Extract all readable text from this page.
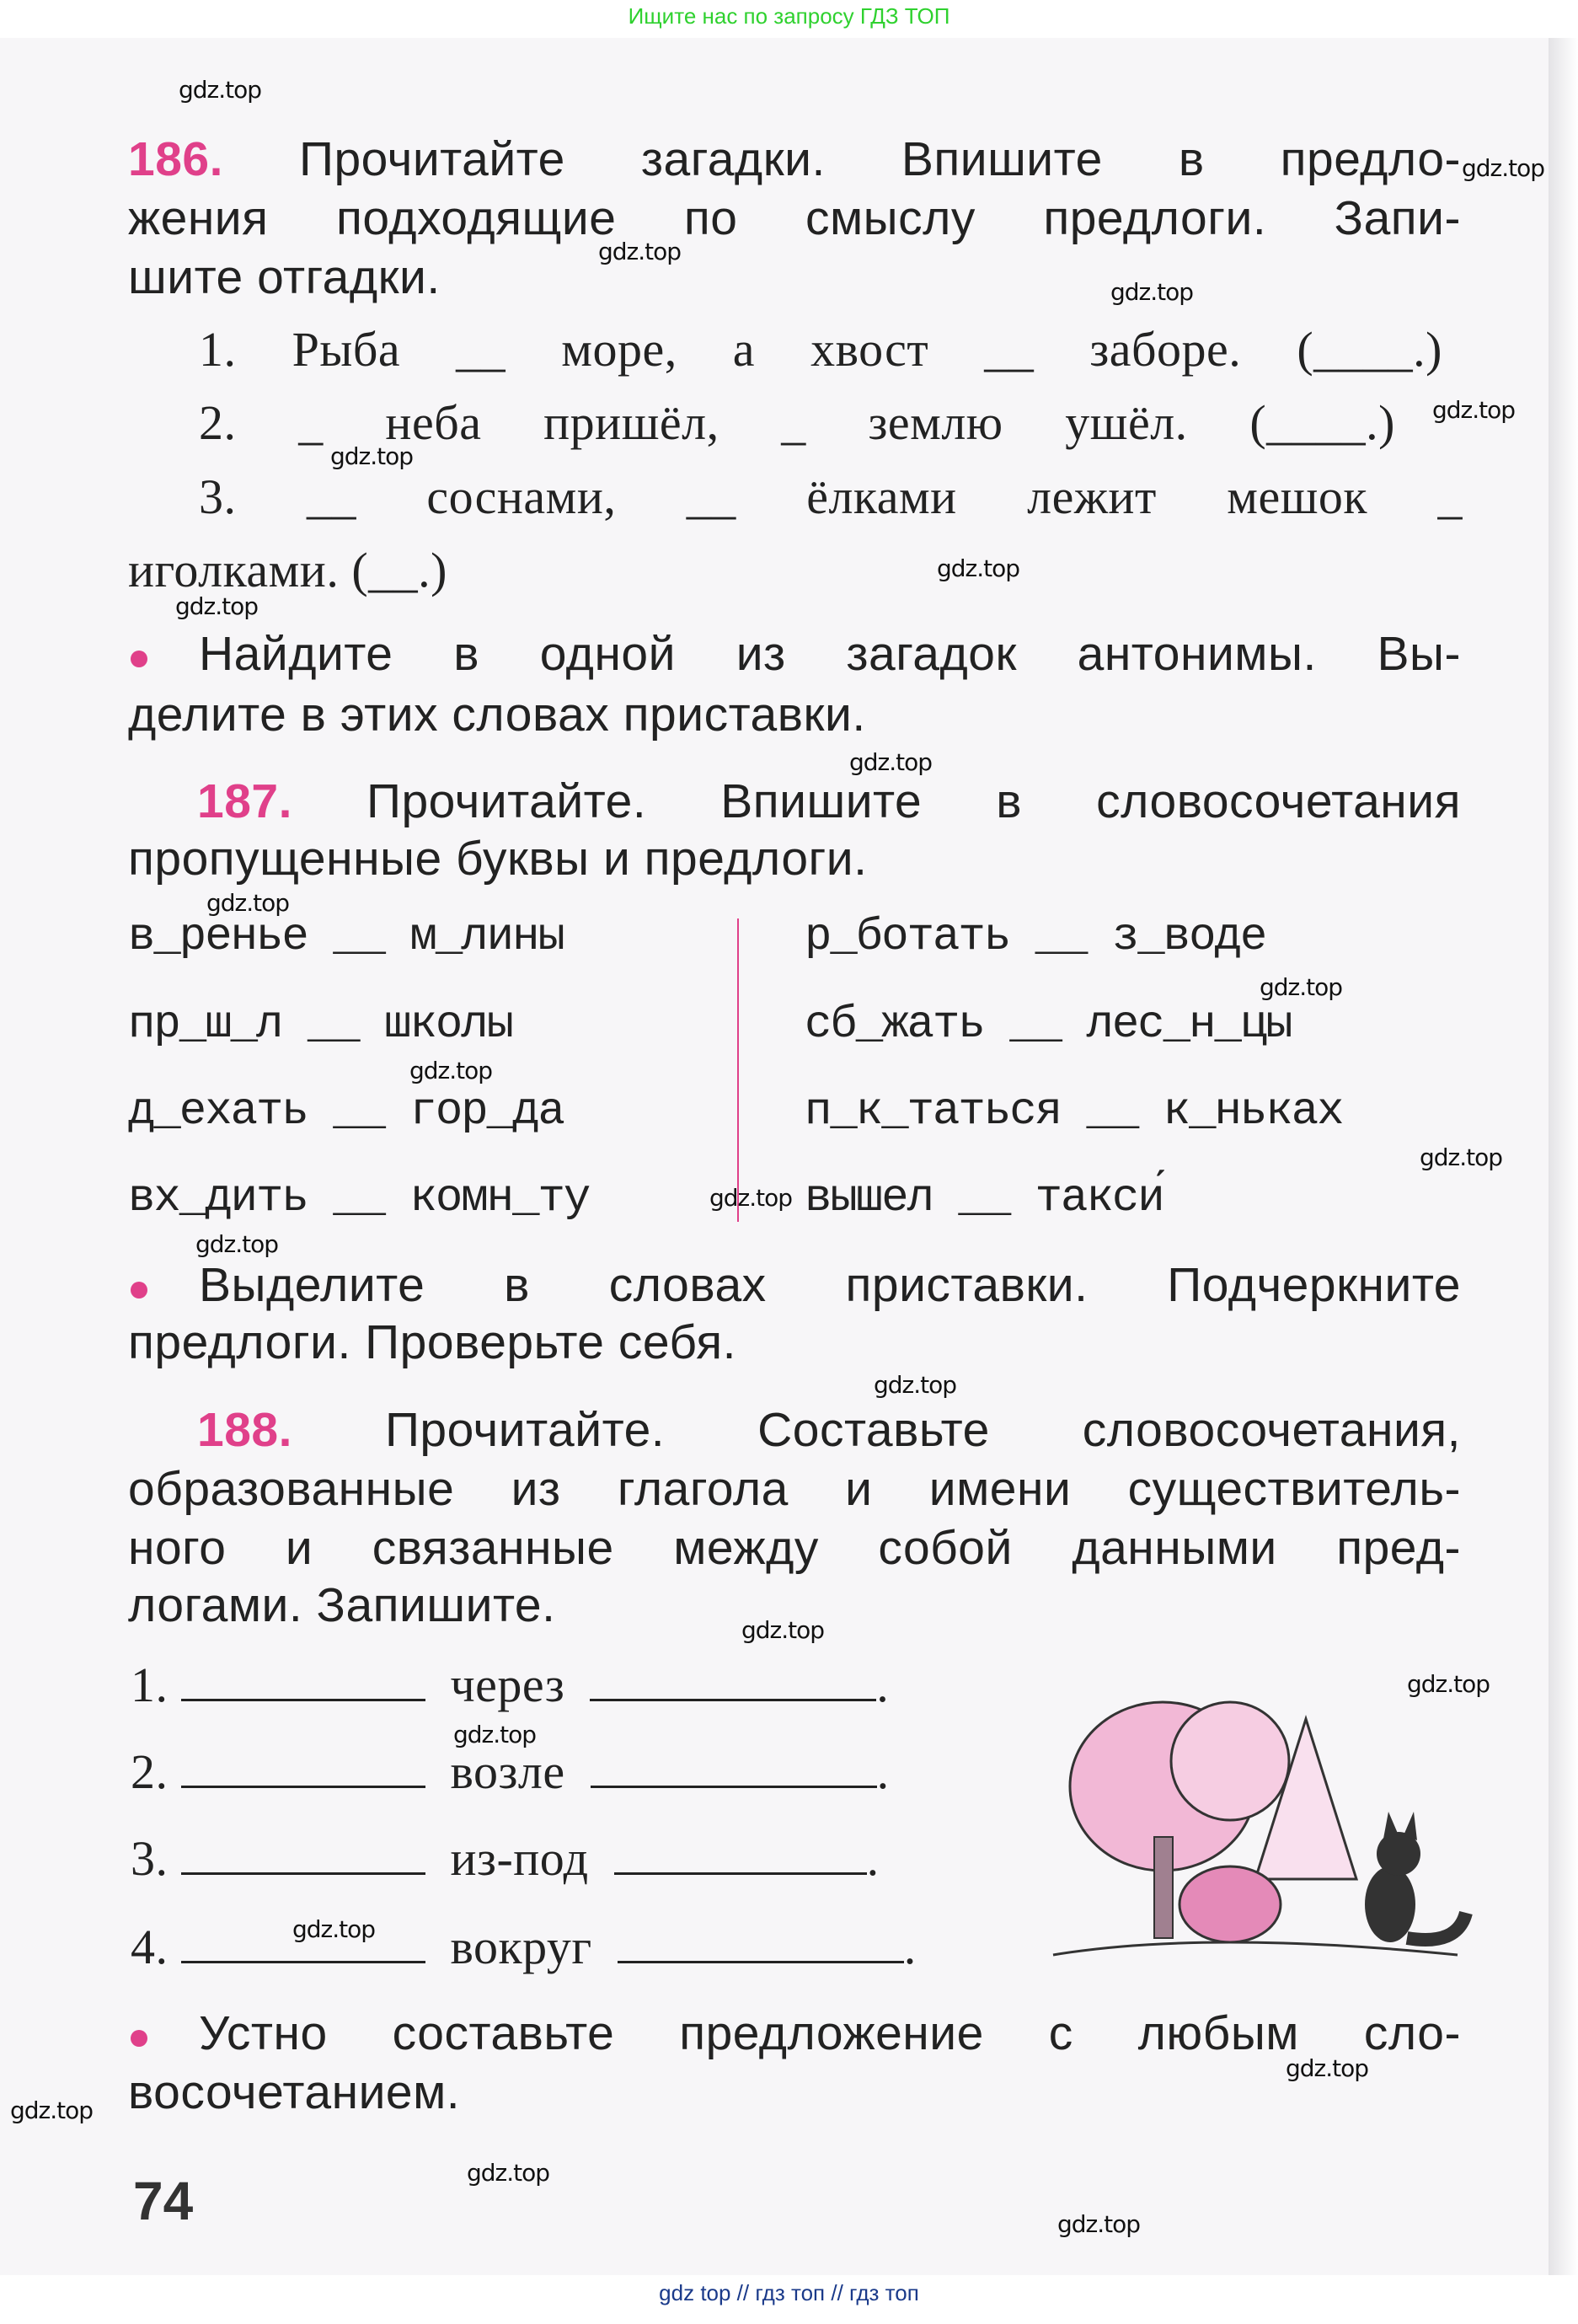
Ищите нас по запросу ГДЗ ТОП
186. Прочитайте загадки. Впишите в предло-
жения подходящие по смыслу предлоги. Запи-
шите отгадки.
1. Рыба __ море, а хвост __ заборе. (____.)
2. _ неба пришёл, _ землю ушёл. (____.)
3. __ соснами, __ ёлками лежит мешок _
иголками. (__.)
Найдите в одной из загадок антонимы. Вы-
делите в этих словах приставки.
187. Прочитайте. Впишите в словосочетания
пропущенные буквы и предлоги.
в_ренье __ м_лины
пр_ш_л __ школы
д_ехать __ гор_да
вх_дить __ комн_ту
р_ботать __ з_воде
сб_жать __ лес_н_цы
п_к_таться __ к_ньках
вышел __ такси́
Выделите в словах приставки. Подчеркните
предлоги. Проверьте себя.
188. Прочитайте. Составьте словосочетания,
образованные из глагола и имени существитель-
ного и связанные между собой данными пред-
логами. Запишите.
1.	через	.
2.	возле	.
3.	из-под	.
4.	вокруг	.
Устно составьте предложение с любым сло-
восочетанием.
74
gdz.top
gdz.top
gdz.top
gdz.top
gdz.top
gdz.top
gdz.top
gdz.top
gdz.top
gdz.top
gdz.top
gdz.top
gdz.top
gdz.top
gdz.top
gdz.top
gdz.top
gdz.top
gdz.top
gdz.top
gdz.top
gdz.top
gdz.top
gdz.top
gdz top // гдз топ // гдз топ
